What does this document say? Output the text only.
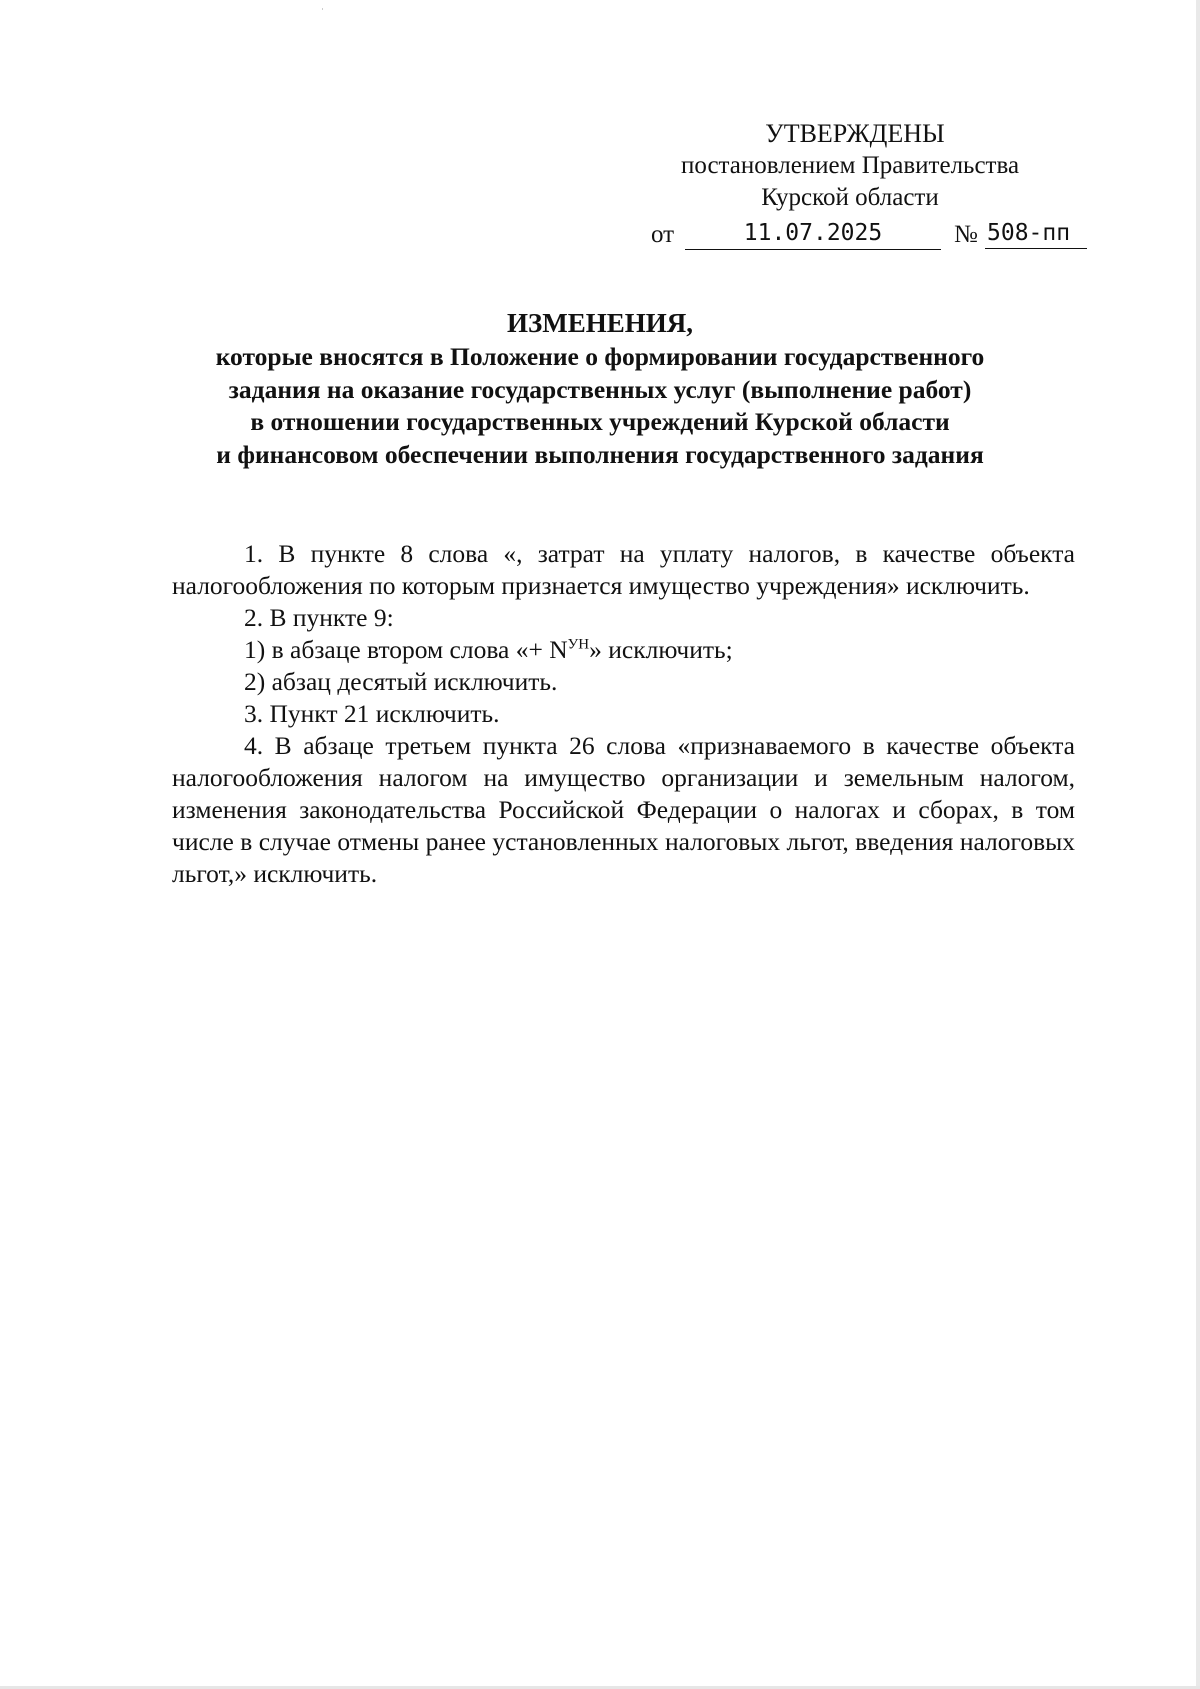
УТВЕРЖДЕНЫ
постановлением Правительства
Курской области
от	11.07.2025	№ 508-пп
ИЗМЕНЕНИЯ,
которые вносятся в Положение о формировании государственного
задания на оказание государственных услуг (выполнение работ)
в отношении государственных учреждений Курской области
и финансовом обеспечении выполнения государственного задания

1. В пункте 8 слова «, затрат на уплату налогов, в качестве объекта налогообложения по которым признается имущество учреждения» исключить.

2. В пункте 9:

1) в абзаце втором слова «+ $N^{УН}$» исключить;

2) абзац десятый исключить.

3. Пункт 21 исключить.

4. В абзаце третьем пункта 26 слова «признаваемого в качестве объекта налогообложения налогом на имущество организации и земельным налогом, изменения законодательства Российской Федерации о налогах и сборах, в том числе в случае отмены ранее установленных налоговых льгот, введения налоговых льгот,» исключить.
